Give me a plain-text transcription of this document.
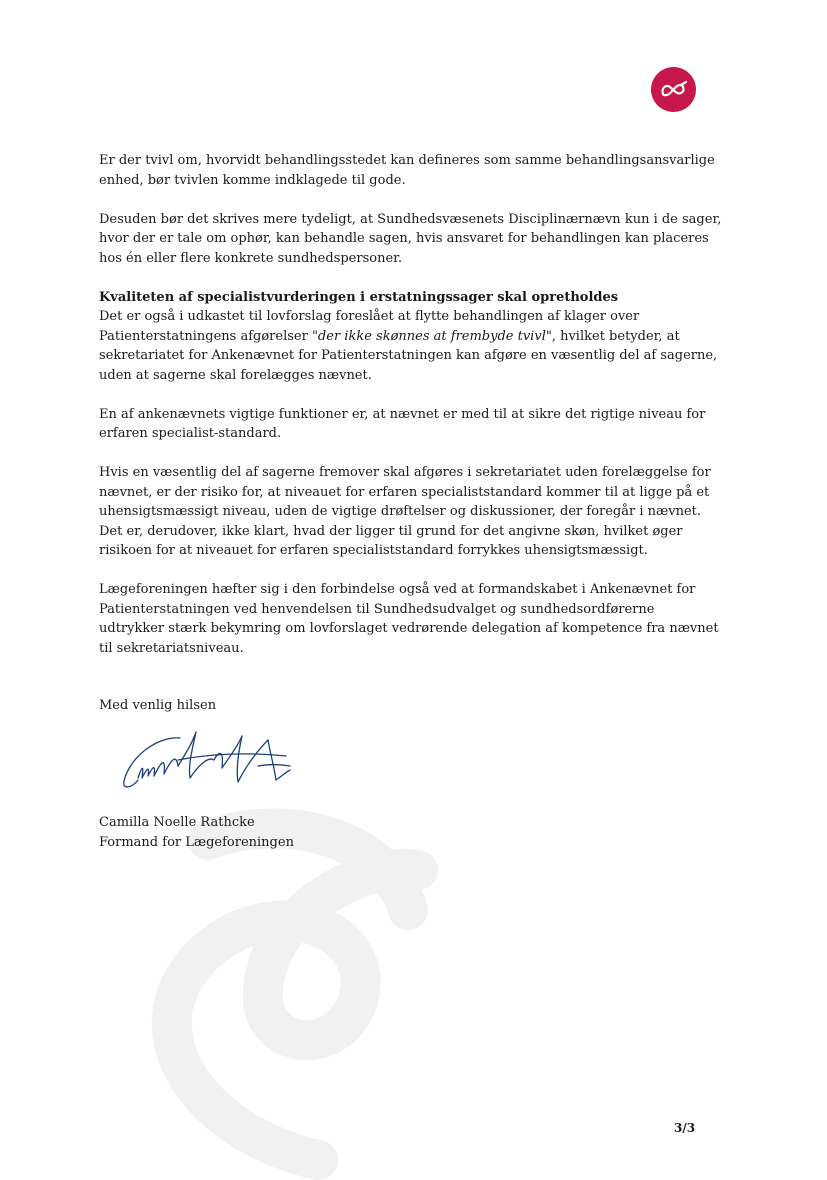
Er der tvivl om, hvorvidt behandlingsstedet kan defineres som samme behandlingsansvarlige enhed, bør tvivlen komme indklagede til gode.

Desuden bør det skrives mere tydeligt, at Sundhedsvæsenets Disciplinærnævn kun i de sager, hvor der er tale om ophør, kan behandle sagen, hvis ansvaret for behandlingen kan placeres hos én eller flere konkrete sundhedspersoner.

Kvaliteten af specialistvurderingen i erstatningssager skal opretholdes

Det er også i udkastet til lovforslag foreslået at flytte behandlingen af klager over Patienterstatningens afgørelser "der ikke skønnes at frembyde tvivl", hvilket betyder, at sekretariatet for Ankenævnet for Patienterstatningen kan afgøre en væsentlig del af sagerne, uden at sagerne skal forelægges nævnet.

En af ankenævnets vigtige funktioner er, at nævnet er med til at sikre det rigtige niveau for erfaren specialist-standard.

Hvis en væsentlig del af sagerne fremover skal afgøres i sekretariatet uden forelæggelse for nævnet, er der risiko for, at niveauet for erfaren specialiststandard kommer til at ligge på et uhensigtsmæssigt niveau, uden de vigtige drøftelser og diskussioner, der foregår i nævnet.

Det er, derudover, ikke klart, hvad der ligger til grund for det angivne skøn, hvilket øger risikoen for at niveauet for erfaren specialiststandard forrykkes uhensigtsmæssigt.

Lægeforeningen hæfter sig i den forbindelse også ved at formandskabet i Ankenævnet for Patienterstatningen ved henvendelsen til Sundhedsudvalget og sundhedsordførerne udtrykker stærk bekymring om lovforslaget vedrørende delegation af kompetence fra nævnet til sekretariatsniveau.

Med venlig hilsen
Camilla Noelle Rathcke
Formand for Lægeforeningen
3/3
